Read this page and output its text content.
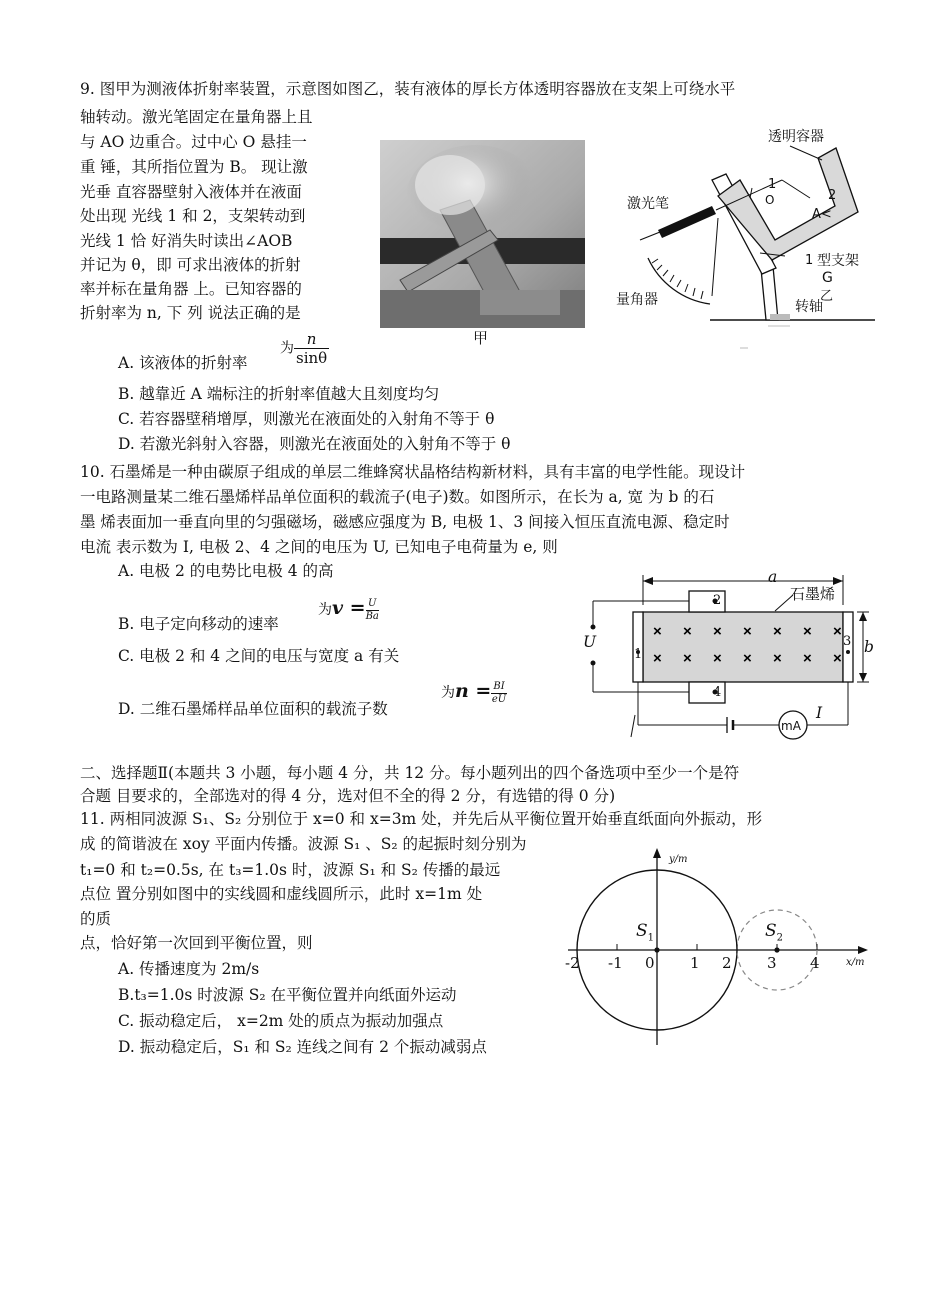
9. 图甲为测液体折射率装置，示意图如图乙，装有液体的厚长方体透明容器放在支架上可绕水平
轴转动。激光笔固定在量角器上且
与 AO 边重合。过中心 O 悬挂一
重 锤，其所指位置为 B。 现让激
光垂 直容器壁射入液体并在液面
处出现 光线 1 和 2，支架转动到
光线 1 恰 好消失时读出∠AOB
并记为 θ，即 可求出液体的折射
率并标在量角器 上。已知容器的
折射率为 n, 下 列 说法正确的是
甲
透明容器
激光笔
量角器
型支架
转轴
乙
G
1
2
O
A<
1
A. 该液体的折射率
为 $\frac{n}{\sin\theta}$
B. 越靠近 A 端标注的折射率值越大且刻度均匀
C. 若容器壁稍增厚，则激光在液面处的入射角不等于 θ
D. 若激光斜射入容器，则激光在液面处的入射角不等于 θ
10. 石墨烯是一种由碳原子组成的单层二维蜂窝状晶格结构新材料，具有丰富的电学性能。现设计
一电路测量某二维石墨烯样品单位面积的载流子(电子)数。如图所示，在长为 a, 宽 为 b 的石
墨 烯表面加一垂直向里的匀强磁场，磁感应强度为 B, 电极 1、3 间接入恒压直流电源、稳定时
电流 表示数为 I, 电极 2、4 之间的电压为 U, 已知电子电荷量为 e, 则
A. 电极 2 的电势比电极 4 的高
B. 电子定向移动的速率
为$v = \frac{U}{Ba}$
C. 电极 2 和 4 之间的电压与宽度 a 有关
D. 二维石墨烯样品单位面积的载流子数
为$n = \frac{BI}{eU}$
× × × × × × ×
× × × × × × ×
a
b
石墨烯
U
I
mA
1
2
3
4
二、选择题Ⅱ(本题共 3 小题，每小题 4 分，共 12 分。每小题列出的四个备选项中至少一个是符
合题 目要求的，全部选对的得 4 分，选对但不全的得 2 分，有选错的得 0 分)
11. 两相同波源 S₁、S₂ 分别位于 x=0 和 x=3m 处，并先后从平衡位置开始垂直纸面向外振动，形
成 的简谐波在 xoy 平面内传播。波源 S₁ 、S₂ 的起振时刻分别为
t₁=0 和 t₂=0.5s, 在 t₃=1.0s 时，波源 S₁ 和 S₂ 传播的最远
点位 置分别如图中的实线圆和虚线圆所示，此时 x=1m 处
的质
点，恰好第一次回到平衡位置，则
A. 传播速度为 2m/s
B.t₃=1.0s 时波源 S₂ 在平衡位置并向纸面外运动
C. 振动稳定后， x=2m 处的质点为振动加强点
D. 振动稳定后，S₁ 和 S₂ 连线之间有 2 个振动减弱点
y/m
x/m
$S_1$	$S_2$
-2 -1 0 1 2 3 4
